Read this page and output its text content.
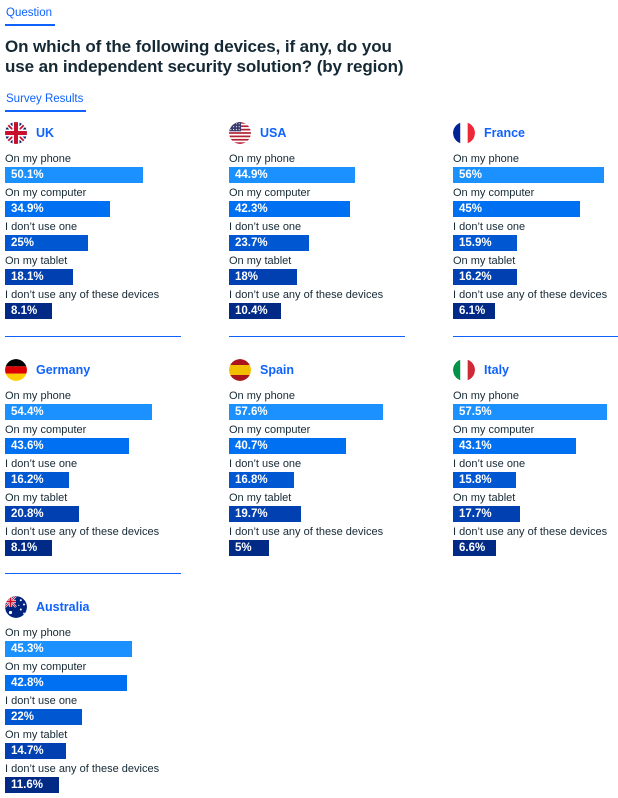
Question
On which of the following devices, if any, do you
use an independent security solution? (by region)
Survey Results
UK
On my phone
50.1%
On my computer
34.9%
I don’t use one
25%
On my tablet
18.1%
I don’t use any of these devices
8.1%
USA
On my phone
44.9%
On my computer
42.3%
I don’t use one
23.7%
On my tablet
18%
I don’t use any of these devices
10.4%
France
On my phone
56%
On my computer
45%
I don’t use one
15.9%
On my tablet
16.2%
I don’t use any of these devices
6.1%
Germany
On my phone
54.4%
On my computer
43.6%
I don’t use one
16.2%
On my tablet
20.8%
I don’t use any of these devices
8.1%
Spain
On my phone
57.6%
On my computer
40.7%
I don’t use one
16.8%
On my tablet
19.7%
I don’t use any of these devices
5%
Italy
On my phone
57.5%
On my computer
43.1%
I don’t use one
15.8%
On my tablet
17.7%
I don’t use any of these devices
6.6%
Australia
On my phone
45.3%
On my computer
42.8%
I don’t use one
22%
On my tablet
14.7%
I don’t use any of these devices
11.6%
